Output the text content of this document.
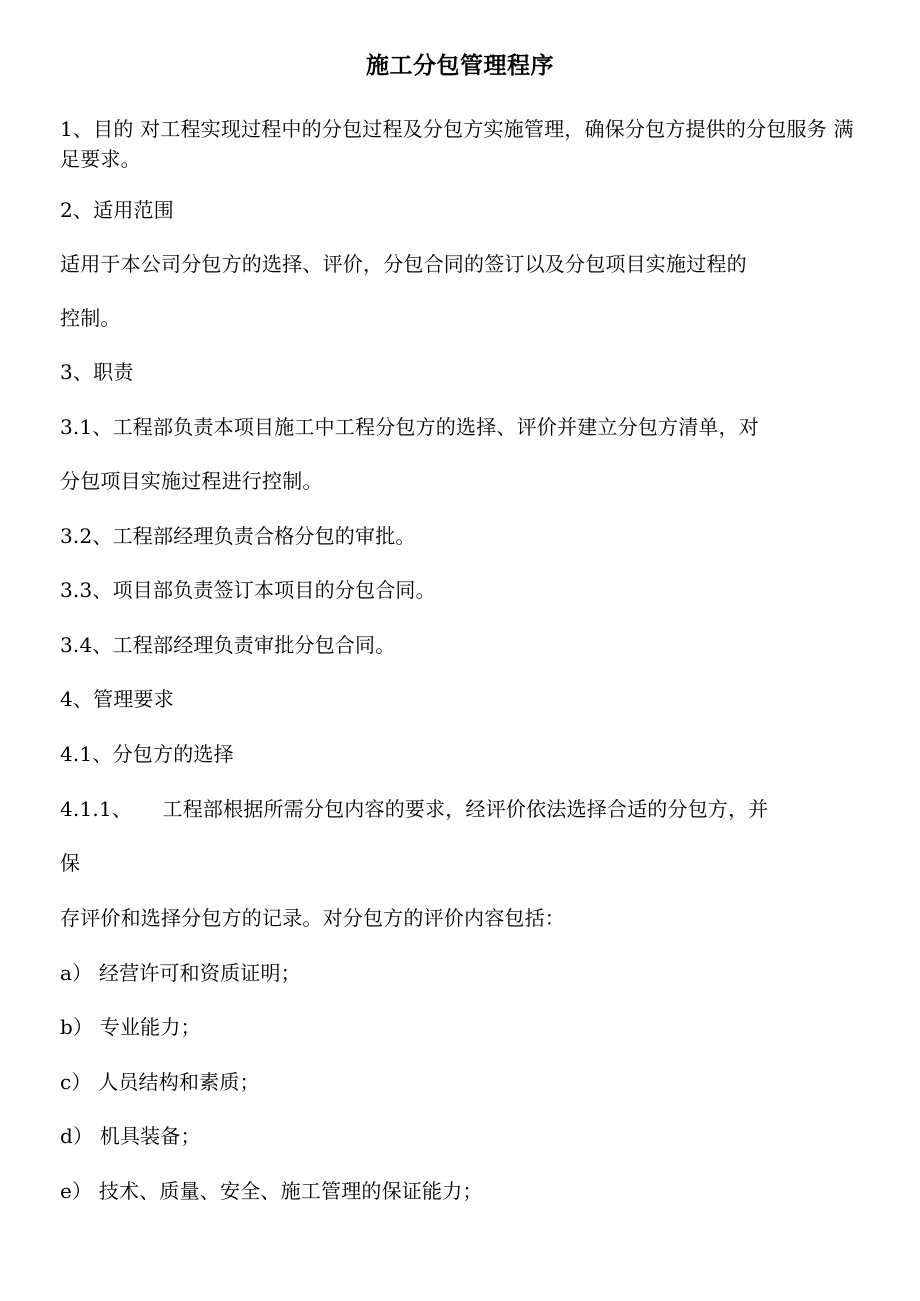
施工分包管理程序
1、目的 对工程实现过程中的分包过程及分包方实施管理，确保分包方提供的分包服务 满足要求。
2、适用范围
适用于本公司分包方的选择、评价，分包合同的签订以及分包项目实施过程的
控制。
3、职责
3.1、工程部负责本项目施工中工程分包方的选择、评价并建立分包方清单，对
分包项目实施过程进行控制。
3.2、工程部经理负责合格分包的审批。
3.3、项目部负责签订本项目的分包合同。
3.4、工程部经理负责审批分包合同。
4、管理要求
4.1、分包方的选择
4.1.1、　　工程部根据所需分包内容的要求，经评价依法选择合适的分包方，并
保
存评价和选择分包方的记录。对分包方的评价内容包括：
a） 经营许可和资质证明；
b） 专业能力；
c） 人员结构和素质；
d） 机具装备；
e） 技术、质量、安全、施工管理的保证能力；
